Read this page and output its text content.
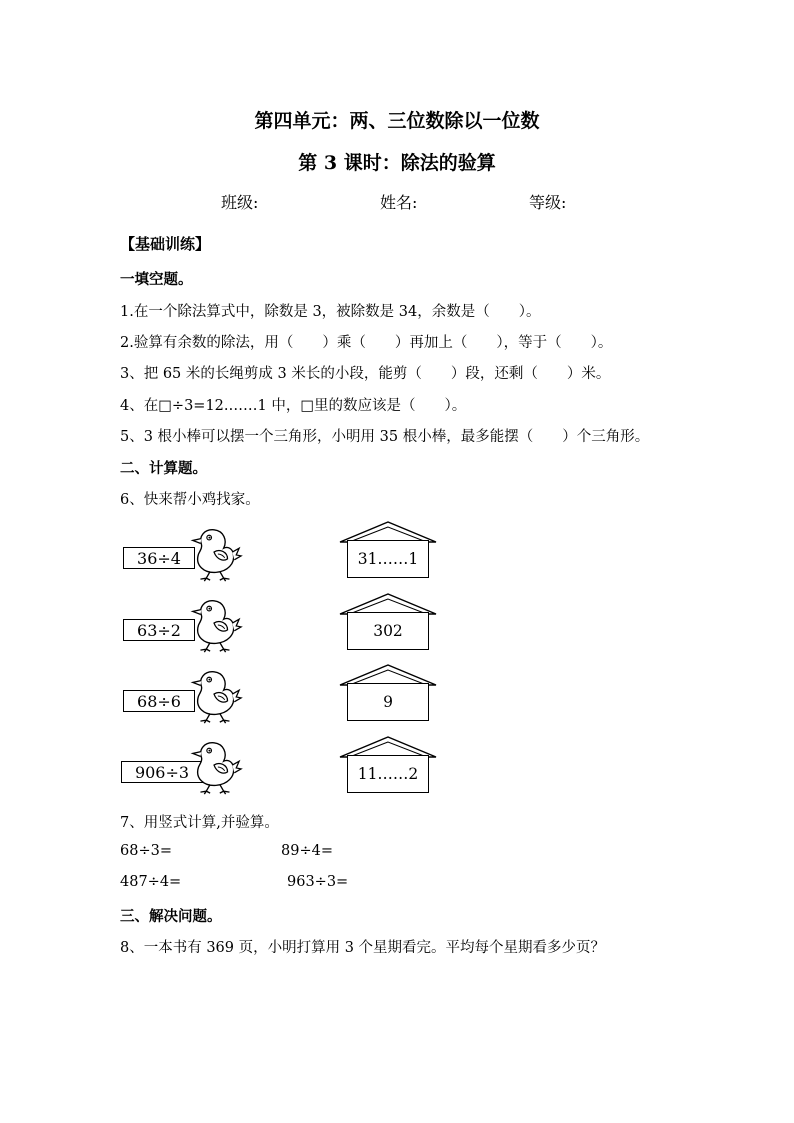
第四单元：两、三位数除以一位数
第 3 课时：除法的验算
班级:	姓名:	等级:
【基础训练】
一填空题。
1.在一个除法算式中，除数是 3，被除数是 34，余数是（　　）。
2.验算有余数的除法，用（　　）乘（　　）再加上（　　），等于（　　）。
3、把 65 米的长绳剪成 3 米长的小段，能剪（　　）段，还剩（　　）米。
4、在□÷3=12.……1 中，□里的数应该是（　　）。
5、3 根小棒可以摆一个三角形，小明用 35 根小棒，最多能摆（　　）个三角形。
二、计算题。
6、快来帮小鸡找家。
36÷4
63÷2
68÷6
906÷3
31……1
302
9
11……2
7、用竖式计算,并验算。
68÷3=	89÷4=
487÷4=	963÷3=
三、解决问题。
8、一本书有 369 页，小明打算用 3 个星期看完。平均每个星期看多少页？
